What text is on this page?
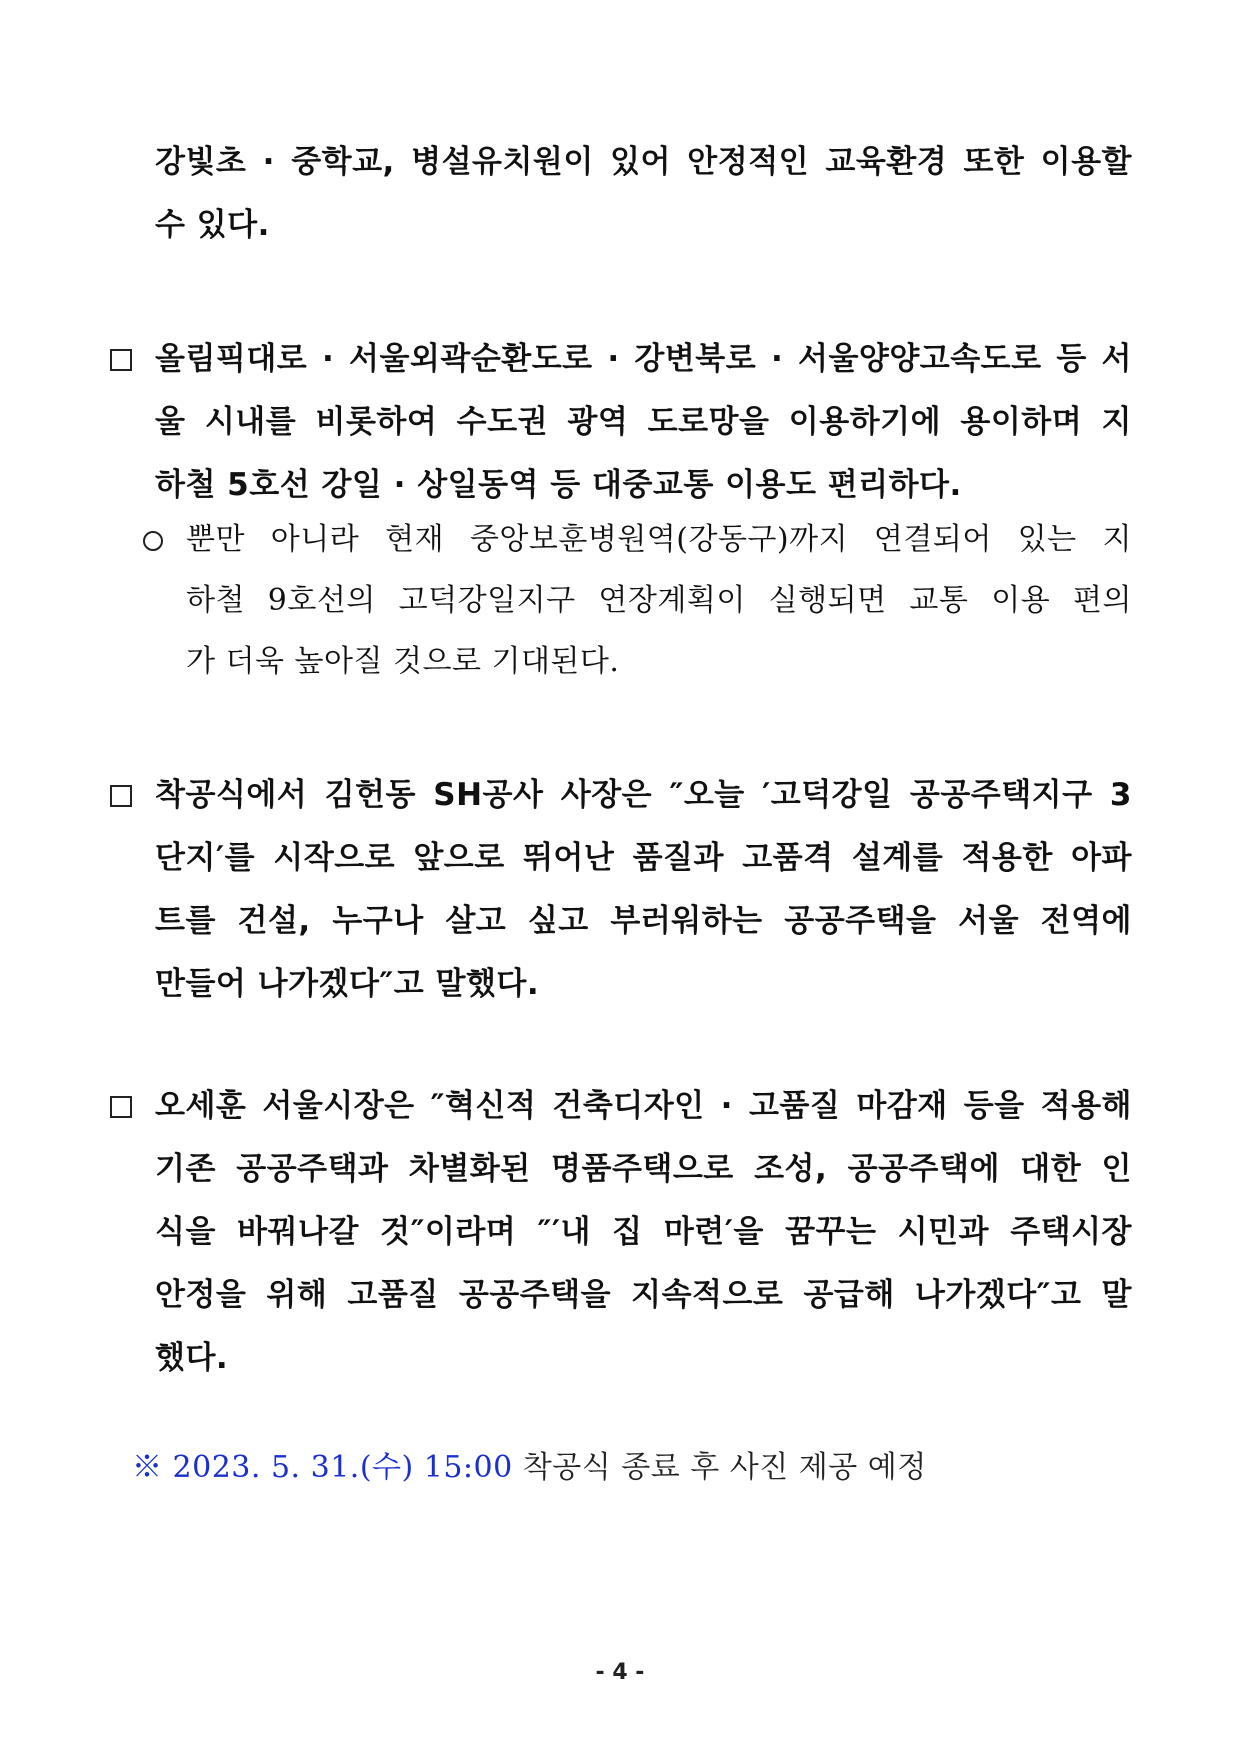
강빛초 · 중학교, 병설유치원이 있어 안정적인 교육환경 또한 이용할
수 있다.
올림픽대로 · 서울외곽순환도로 · 강변북로 · 서울양양고속도로 등 서
울 시내를 비롯하여 수도권 광역 도로망을 이용하기에 용이하며 지
하철 5호선 강일 · 상일동역 등 대중교통 이용도 편리하다.
뿐만 아니라 현재 중앙보훈병원역(강동구)까지 연결되어 있는 지
하철 9호선의 고덕강일지구 연장계획이 실행되면 교통 이용 편의
가 더욱 높아질 것으로 기대된다.
착공식에서 김헌동 SH공사 사장은 ″오늘 ′고덕강일 공공주택지구 3
단지′를 시작으로 앞으로 뛰어난 품질과 고품격 설계를 적용한 아파
트를 건설, 누구나 살고 싶고 부러워하는 공공주택을 서울 전역에
만들어 나가겠다″고 말했다.
오세훈 서울시장은 ″혁신적 건축디자인 · 고품질 마감재 등을 적용해
기존 공공주택과 차별화된 명품주택으로 조성, 공공주택에 대한 인
식을 바꿔나갈 것″이라며 ″′내 집 마련′을 꿈꾸는 시민과 주택시장
안정을 위해 고품질 공공주택을 지속적으로 공급해 나가겠다″고 말
했다.
※ 2023. 5. 31.(수) 15:00 착공식 종료 후 사진 제공 예정
- 4 -
